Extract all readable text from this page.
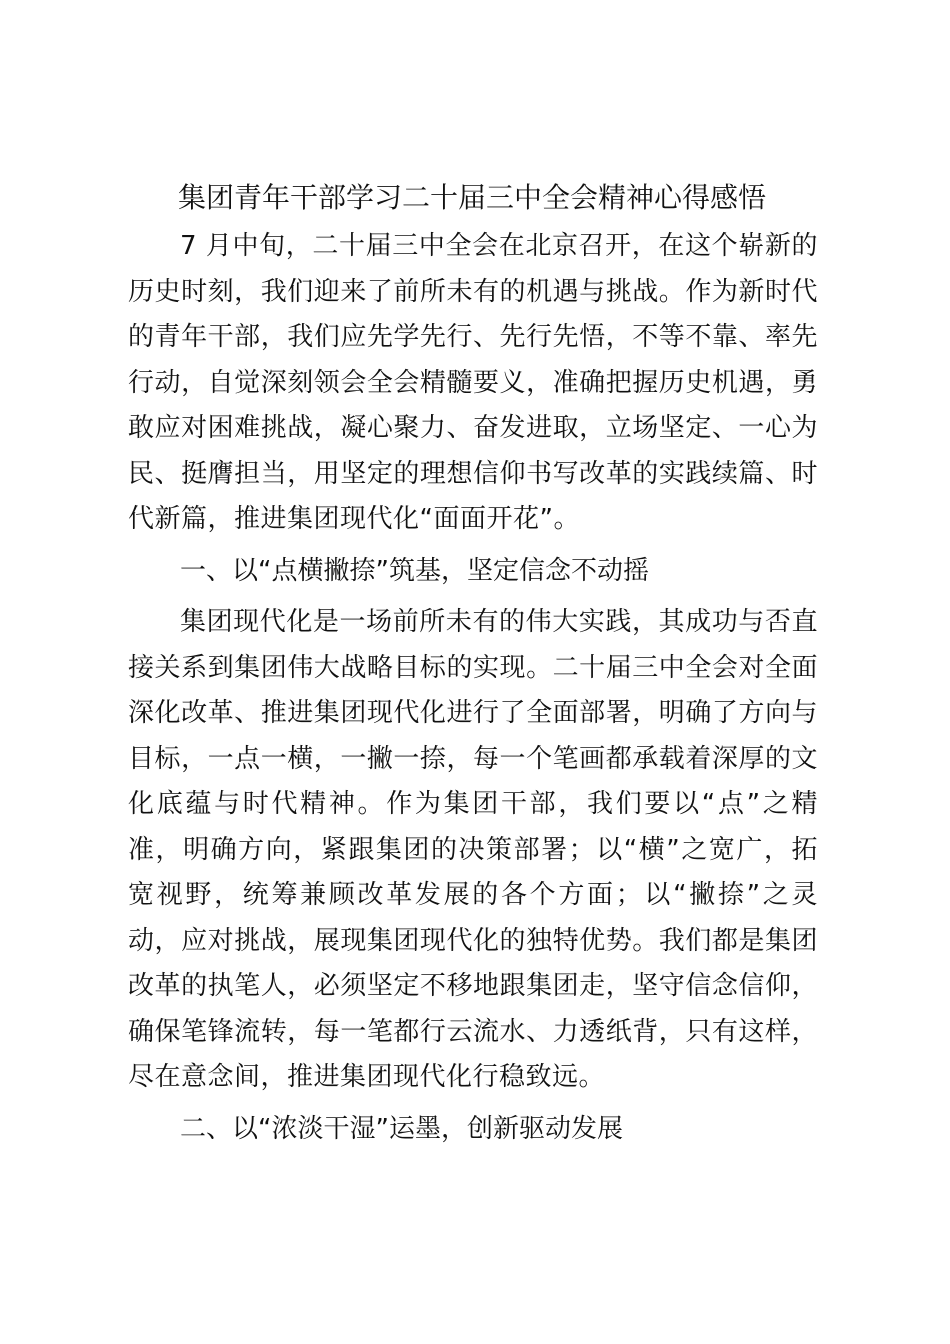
集团青年干部学习二十届三中全会精神心得感悟

7 月中旬，二十届三中全会在北京召开，在这个崭新的历史时刻，我们迎来了前所未有的机遇与挑战。作为新时代的青年干部，我们应先学先行、先行先悟，不等不靠、率先行动，自觉深刻领会全会精髓要义，准确把握历史机遇，勇敢应对困难挑战，凝心聚力、奋发进取，立场坚定、一心为民、挺膺担当，用坚定的理想信仰书写改革的实践续篇、时代新篇，推进集团现代化“面面开花”。

一、以“点横撇捺”筑基，坚定信念不动摇

集团现代化是一场前所未有的伟大实践，其成功与否直接关系到集团伟大战略目标的实现。二十届三中全会对全面深化改革、推进集团现代化进行了全面部署，明确了方向与目标，一点一横，一撇一捺，每一个笔画都承载着深厚的文化底蕴与时代精神。作为集团干部，我们要以“点”之精准，明确方向，紧跟集团的决策部署；以“横”之宽广，拓宽视野，统筹兼顾改革发展的各个方面；以“撇捺”之灵动，应对挑战，展现集团现代化的独特优势。我们都是集团改革的执笔人，必须坚定不移地跟集团走，坚守信念信仰，确保笔锋流转，每一笔都行云流水、力透纸背，只有这样，尽在意念间，推进集团现代化行稳致远。

二、以“浓淡干湿”运墨，创新驱动发展
